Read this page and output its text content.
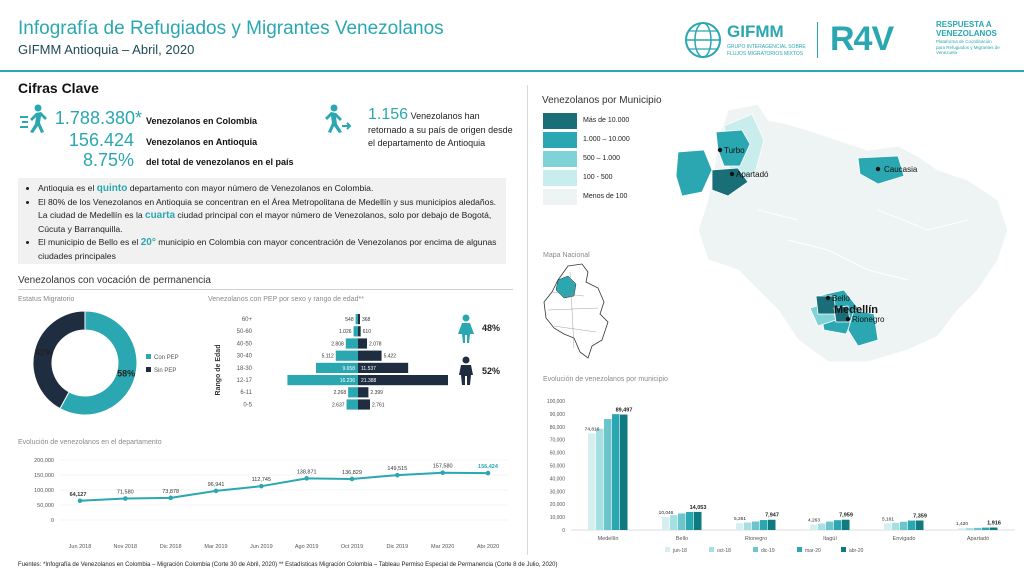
Infografía de Refugiados y Migrantes Venezolanos
GIFMM Antioquia – Abril, 2020
GIFMM
GRUPO INTERAGENCIAL SOBRE
FLUJOS MIGRATORIOS MIXTOS R4V	RESPUESTA A
VENEZOLANOS
Plataforma de Coordinación para Refugiados y Migrantes de Venezuela
Cifras Clave
1.788.380* Venezolanos en Colombia
156.424 Venezolanos en Antioquia
8.75% del total de venezolanos en el país
1.156 Venezolanos han retornado a su país de origen desde el departamento de Antioquia
• Antioquia es el quinto departamento con mayor número de Venezolanos en Colombia.
• El 80% de los Venezolanos en Antioquia se concentran en el Área Metropolitana de Medellín y sus municipios aledaños. La ciudad de Medellín es la cuarta ciudad principal con el mayor número de Venezolanos, solo por debajo de Bogotá, Cúcuta y Barranquilla.
• El municipio de Bello es el 20° municipio en Colombia con mayor concentración de Venezolanos por encima de algunas ciudades principales
Venezolanos con vocación de permanencia
Estatus Migratorio
58%
42%
Con PEP
Sin PEP
Venezolanos con PEP por sexo y rango de edad**
Rango de Edad
60+	548 368
50-60	1.026 610
40-50	2.808	2.078
30-40	5.112	5.422
18-30	9.658 11.537
12-17	16.236 21.388
6-11	2.268	2.399
0-5	2.637	2.761
48%
52%
Evolución de venezolanos en el departamento
0
50,000
100,000
150,000
200,000
64,127
Jun 2018
71,580
Nov 2018
73,878
Dic 2018
96,941
Mar 2019
112,745
Jun 2019
138,871
Ago 2019
136,829
Oct 2019
149,515
Dic 2019
157,580
Mar 2020
156,424
Abr 2020
Venezolanos por Municipio
Más de 10.000
1.000 – 10.000
500 – 1.000
100 - 500
Menos de 100
Mapa Nacional
Turbo
Apartadó
Caucasia
Bello
Medellín
Rionegro
Evolución de venezolanos por municipio
0
10,000
20,000
30,000
40,000
50,000
60,000
70,000
80,000
90,000
100,000
74,816
89,497
Medellín
10,046
14,053
Bello
5,261
7,947
Rionegro
4,263
7,959
Itagüí
5,161
7,359
Envigado
1,420	1,916
Apartadó
jun-18	oct-18	dic-19	mar-20	abr-20
Fuentes: *Infografía de Venezolanos en Colombia – Migración Colombia (Corte 30 de Abril, 2020) ** Estadísticas Migración Colombia – Tableau Permiso Especial de Permanencia (Corte 8 de Julio, 2020)
